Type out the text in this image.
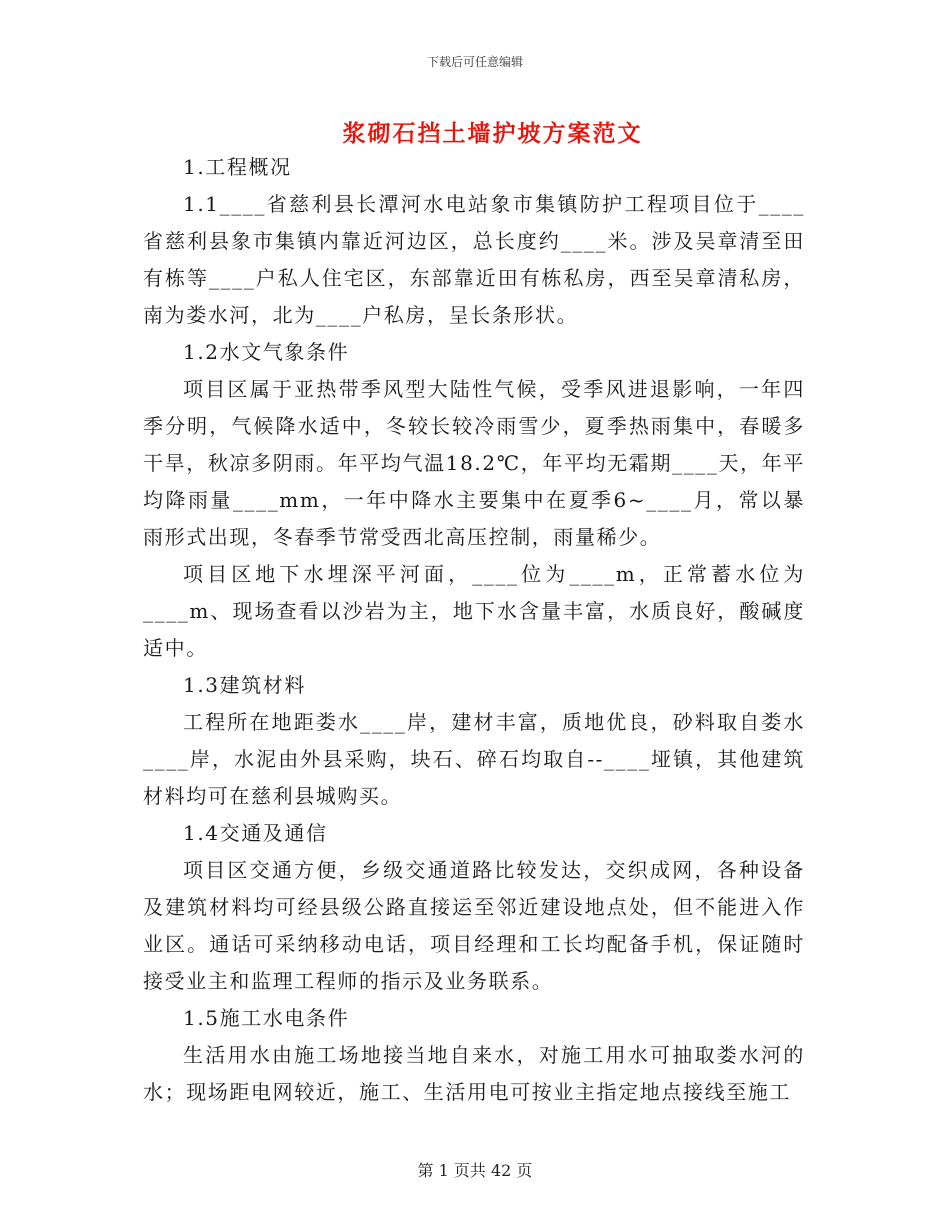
下载后可任意编辑
浆砌石挡土墙护坡方案范文

1.工程概况

1.1____省慈利县长潭河水电站象市集镇防护工程项目位于____省慈利县象市集镇内靠近河边区，总长度约____米。涉及吴章清至田有栋等____户私人住宅区，东部靠近田有栋私房，西至吴章清私房，南为娄水河，北为____户私房，呈长条形状。

1.2水文气象条件

项目区属于亚热带季风型大陆性气候，受季风进退影响，一年四季分明，气候降水适中，冬较长较冷雨雪少，夏季热雨集中，春暖多干旱，秋凉多阴雨。年平均气温18.2℃，年平均无霜期____天，年平均降雨量____mm，一年中降水主要集中在夏季6~____月，常以暴雨形式出现，冬春季节常受西北高压控制，雨量稀少。

项目区地下水埋深平河面，____位为____m，正常蓄水位为____m、现场查看以沙岩为主，地下水含量丰富，水质良好，酸碱度适中。

1.3建筑材料

工程所在地距娄水____岸，建材丰富，质地优良，砂料取自娄水____岸，水泥由外县采购，块石、碎石均取自--____垭镇，其他建筑材料均可在慈利县城购买。

1.4交通及通信

项目区交通方便，乡级交通道路比较发达，交织成网，各种设备及建筑材料均可经县级公路直接运至邻近建设地点处，但不能进入作业区。通话可采纳移动电话，项目经理和工长均配备手机，保证随时接受业主和监理工程师的指示及业务联系。

1.5施工水电条件

生活用水由施工场地接当地自来水，对施工用水可抽取娄水河的水；现场距电网较近，施工、生活用电可按业主指定地点接线至施工

第 1 页共 42 页
